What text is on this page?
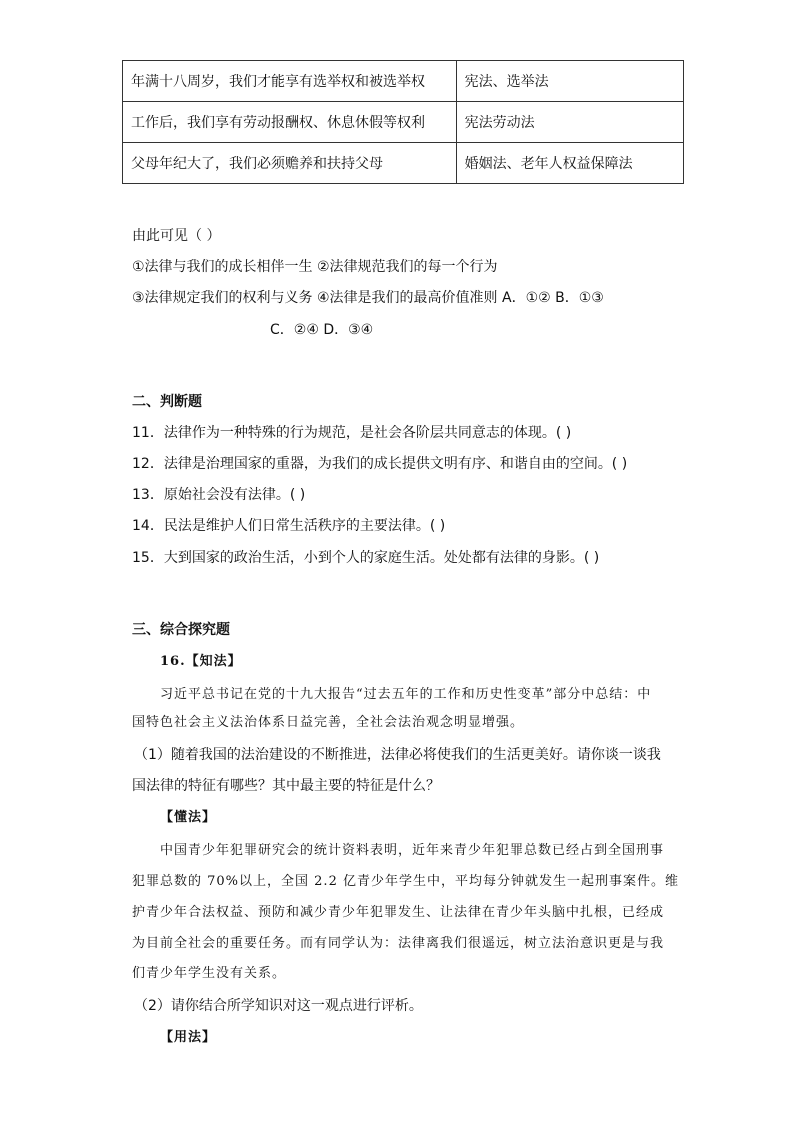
年满十八周岁，我们才能享有选举权和被选举权	宪法、选举法
工作后，我们享有劳动报酬权、休息休假等权利	宪法劳动法
父母年纪大了，我们必须赡养和扶持父母	婚姻法、老年人权益保障法
由此可见（ ）
①法律与我们的成长相伴一生 ②法律规范我们的每一个行为
③法律规定我们的权利与义务 ④法律是我们的最高价值准则 A．①② B．①③
C．②④ D．③④
二、判断题
11．法律作为一种特殊的行为规范，是社会各阶层共同意志的体现。( )
12．法律是治理国家的重器，为我们的成长提供文明有序、和谐自由的空间。( )
13．原始社会没有法律。( )
14．民法是维护人们日常生活秩序的主要法律。( )
15．大到国家的政治生活，小到个人的家庭生活。处处都有法律的身影。( )
三、综合探究题
16.【知法】
习近平总书记在党的十九大报告“过去五年的工作和历史性变革”部分中总结：中
国特色社会主义法治体系日益完善，全社会法治观念明显增强。
（1）随着我国的法治建设的不断推进，法律必将使我们的生活更美好。请你谈一谈我
国法律的特征有哪些？其中最主要的特征是什么？
【懂法】
中国青少年犯罪研究会的统计资料表明，近年来青少年犯罪总数已经占到全国刑事
犯罪总数的 70%以上，全国 2.2 亿青少年学生中，平均每分钟就发生一起刑事案件。维
护青少年合法权益、预防和减少青少年犯罪发生、让法律在青少年头脑中扎根，已经成
为目前全社会的重要任务。而有同学认为：法律离我们很遥远，树立法治意识更是与我
们青少年学生没有关系。
（2）请你结合所学知识对这一观点进行评析。
【用法】
